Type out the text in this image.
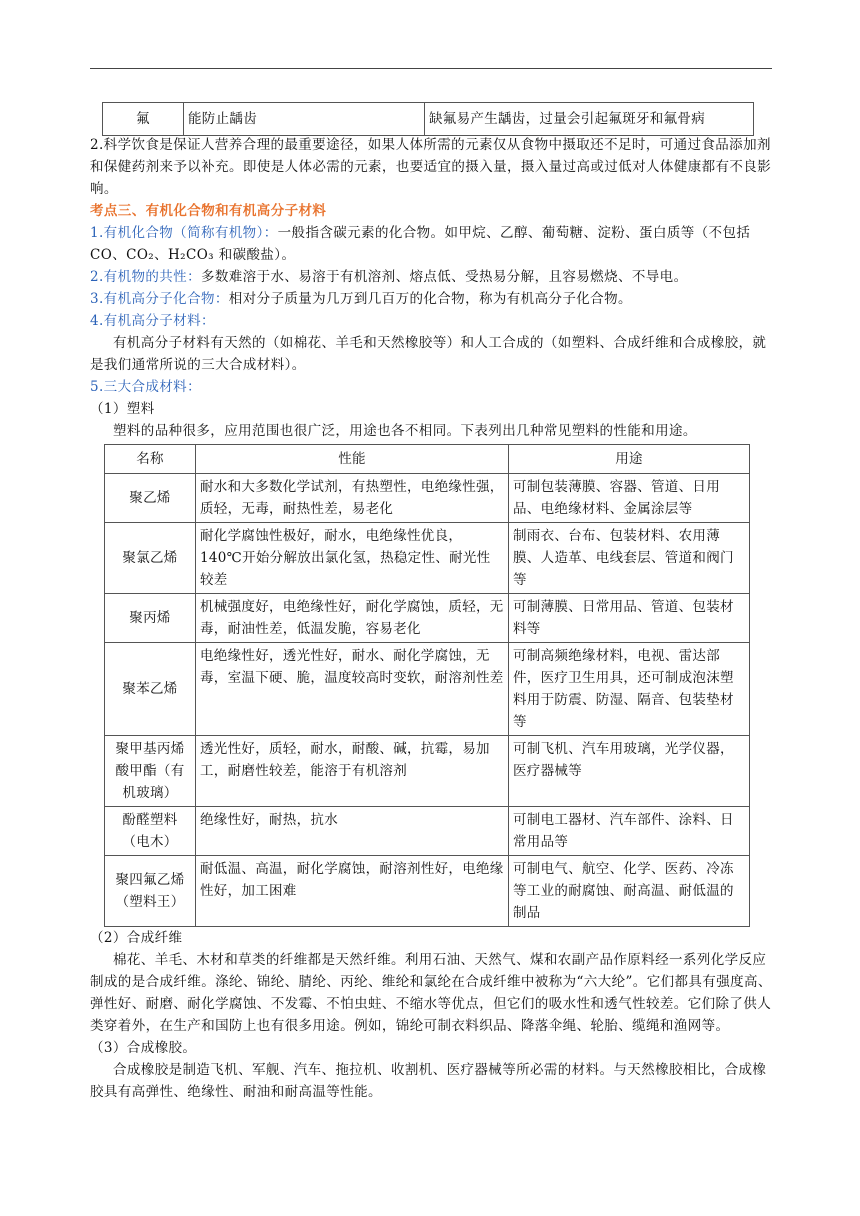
氟	能防止龋齿	缺氟易产生龋齿，过量会引起氟斑牙和氟骨病

2.科学饮食是保证人营养合理的最重要途径，如果人体所需的元素仅从食物中摄取还不足时，可通过食品添加剂和保健药剂来予以补充。即使是人体必需的元素，也要适宜的摄入量，摄入量过高或过低对人体健康都有不良影响。

考点三、有机化合物和有机高分子材料

1.有机化合物（简称有机物）：一般指含碳元素的化合物。如甲烷、乙醇、葡萄糖、淀粉、蛋白质等（不包括 CO、CO₂、H₂CO₃ 和碳酸盐）。

2.有机物的共性：多数难溶于水、易溶于有机溶剂、熔点低、受热易分解，且容易燃烧、不导电。

3.有机高分子化合物：相对分子质量为几万到几百万的化合物，称为有机高分子化合物。

4.有机高分子材料：

有机高分子材料有天然的（如棉花、羊毛和天然橡胶等）和人工合成的（如塑料、合成纤维和合成橡胶，就是我们通常所说的三大合成材料）。

5.三大合成材料：

（1）塑料

塑料的品种很多，应用范围也很广泛，用途也各不相同。下表列出几种常见塑料的性能和用途。

名称	性能	用途
聚乙烯	耐水和大多数化学试剂，有热塑性，电绝缘性强，质轻，无毒，耐热性差，易老化	可制包装薄膜、容器、管道、日用品、电绝缘材料、金属涂层等
聚氯乙烯	耐化学腐蚀性极好，耐水，电绝缘性优良，140℃开始分解放出氯化氢，热稳定性、耐光性较差	制雨衣、台布、包装材料、农用薄膜、人造革、电线套层、管道和阀门等
聚丙烯	机械强度好，电绝缘性好，耐化学腐蚀，质轻，无毒，耐油性差，低温发脆，容易老化	可制薄膜、日常用品、管道、包装材料等
聚苯乙烯	电绝缘性好，透光性好，耐水、耐化学腐蚀，无毒，室温下硬、脆，温度较高时变软，耐溶剂性差	可制高频绝缘材料，电视、雷达部件，医疗卫生用具，还可制成泡沫塑料用于防震、防湿、隔音、包装垫材等
聚甲基丙烯酸甲酯（有机玻璃）	透光性好，质轻，耐水，耐酸、碱，抗霉，易加工，耐磨性较差，能溶于有机溶剂	可制飞机、汽车用玻璃，光学仪器，医疗器械等
酚醛塑料（电木）	绝缘性好，耐热，抗水	可制电工器材、汽车部件、涂料、日常用品等
聚四氟乙烯（塑料王）	耐低温、高温，耐化学腐蚀，耐溶剂性好，电绝缘性好，加工困难	可制电气、航空、化学、医药、冷冻等工业的耐腐蚀、耐高温、耐低温的制品

（2）合成纤维

棉花、羊毛、木材和草类的纤维都是天然纤维。利用石油、天然气、煤和农副产品作原料经一系列化学反应制成的是合成纤维。涤纶、锦纶、腈纶、丙纶、维纶和氯纶在合成纤维中被称为“六大纶”。它们都具有强度高、弹性好、耐磨、耐化学腐蚀、不发霉、不怕虫蛀、不缩水等优点，但它们的吸水性和透气性较差。它们除了供人类穿着外，在生产和国防上也有很多用途。例如，锦纶可制衣料织品、降落伞绳、轮胎、缆绳和渔网等。

（3）合成橡胶。

合成橡胶是制造飞机、军舰、汽车、拖拉机、收割机、医疗器械等所必需的材料。与天然橡胶相比，合成橡胶具有高弹性、绝缘性、耐油和耐高温等性能。
